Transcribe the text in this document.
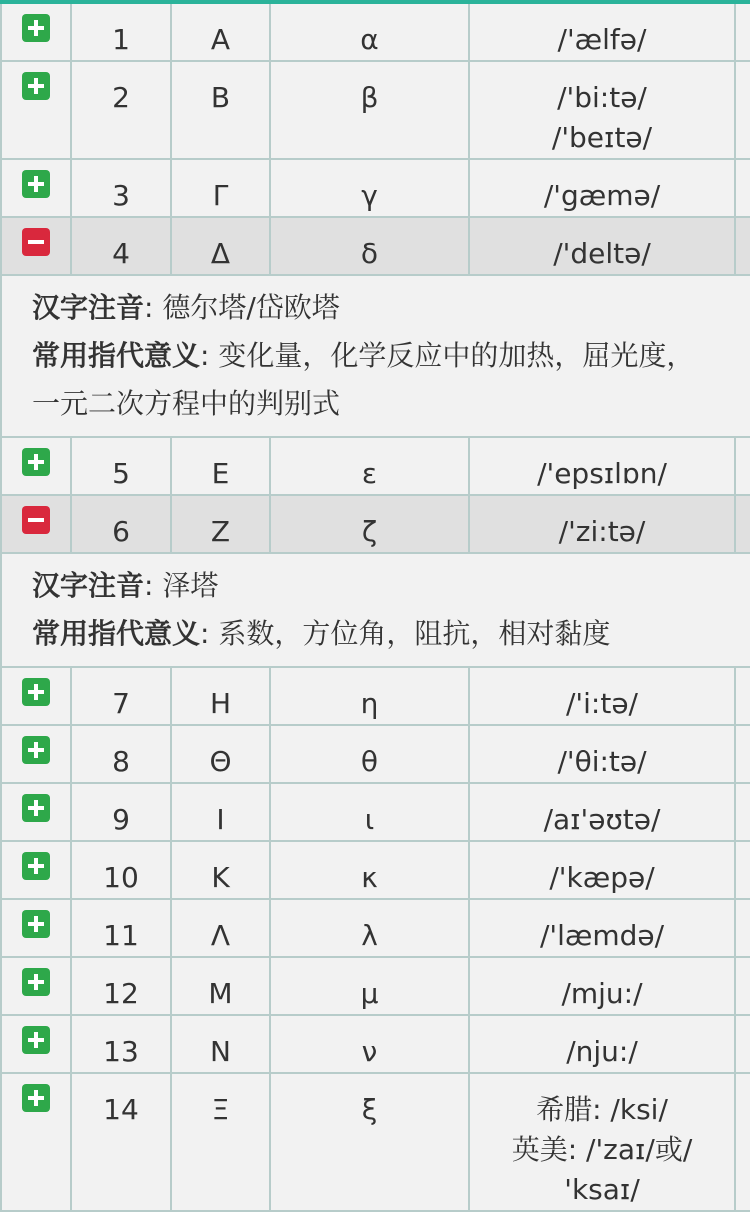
1	Α	α	/'ælfə/
2	Β	β	/'bi:tə/
/'beɪtə/
3	Γ	γ	/'gæmə/
4	Δ	δ	/'deltə/
汉字注音: 德尔塔/岱欧塔
常用指代意义: 变化量，化学反应中的加热，屈光度，一元二次方程中的判别式
5	Ε	ε	/'epsɪlɒn/
6	Ζ	ζ	/'zi:tə/
汉字注音: 泽塔
常用指代意义: 系数，方位角，阻抗，相对黏度
7	Η	η	/'i:tə/
8	Θ	θ	/'θi:tə/
9	Ι	ι	/aɪ'əʊtə/
10	Κ	κ	/'kæpə/
11	Λ	λ	/'læmdə/
12	Μ	μ	/mju:/
13	Ν	ν	/nju:/
14	Ξ	ξ	希腊: /ksi/
英美: /'zaɪ/或/
'ksaɪ/
